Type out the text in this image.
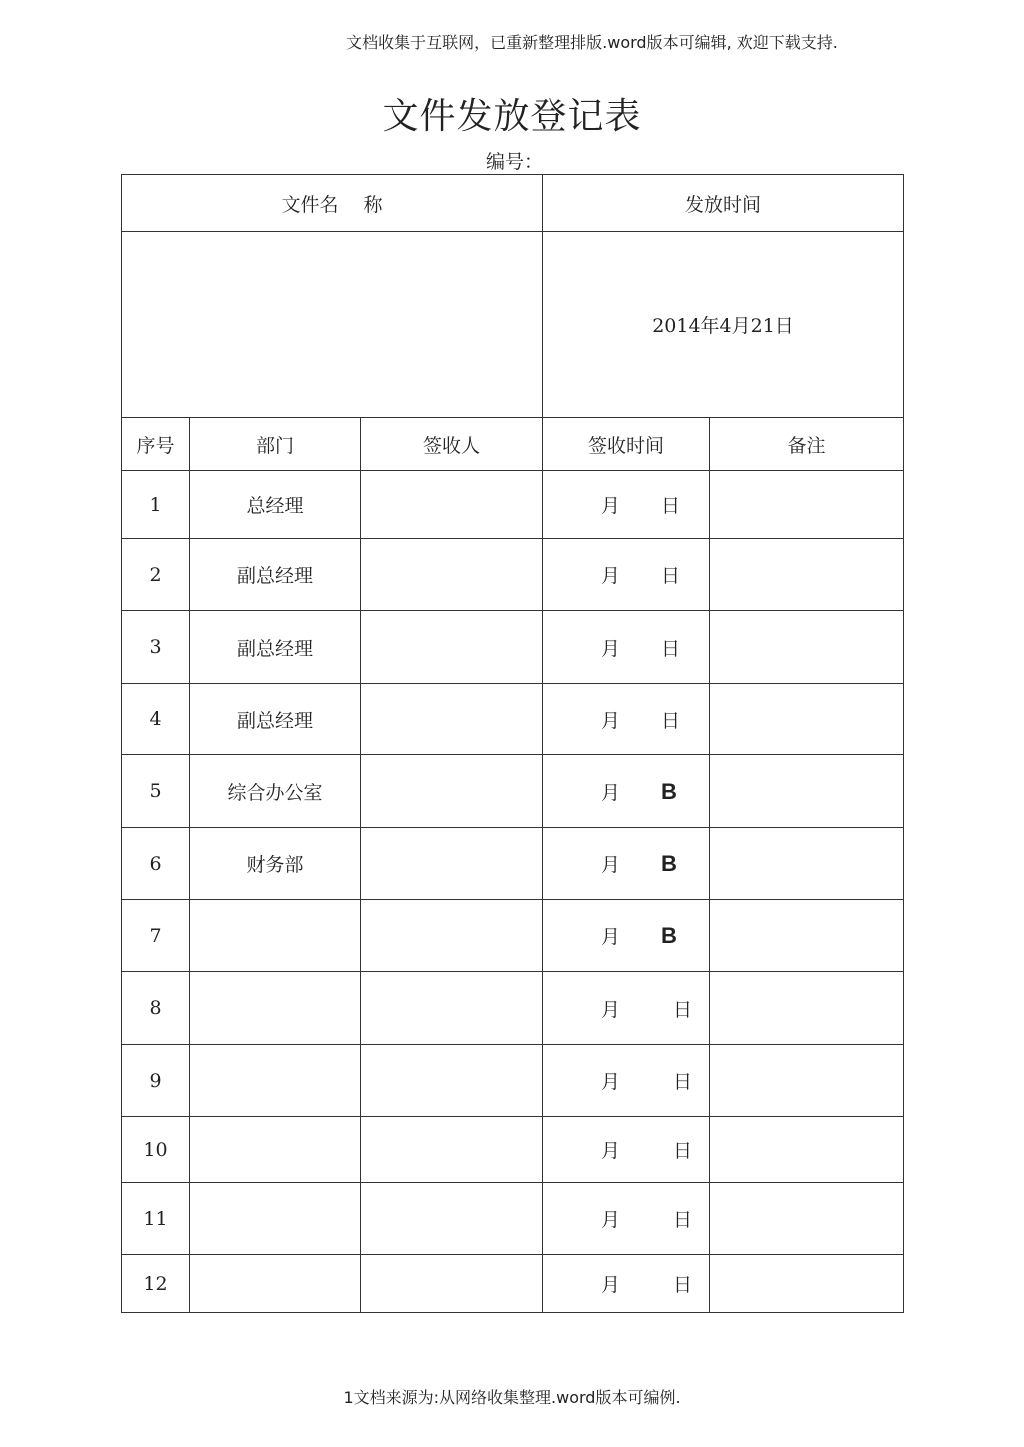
文档收集于互联网，已重新整理排版.word版本可编辑, 欢迎下载支持.
文件发放登记表
编号：
文件名　 称			发放时间	
			2014年4月21日	
序号	部门	签收人	签收时间	备注
1	总经理		月 日	
2	副总经理		月 日	
3	副总经理		月 日	
4	副总经理		月 日	
5	综合办公室		月 B	
6	财务部		月 B	
7			月 B	
8			月 日	
9			月 日	
10			月 日	
11			月 日	
12			月 日	
1文档来源为:从网络收集整理.word版本可编例.
